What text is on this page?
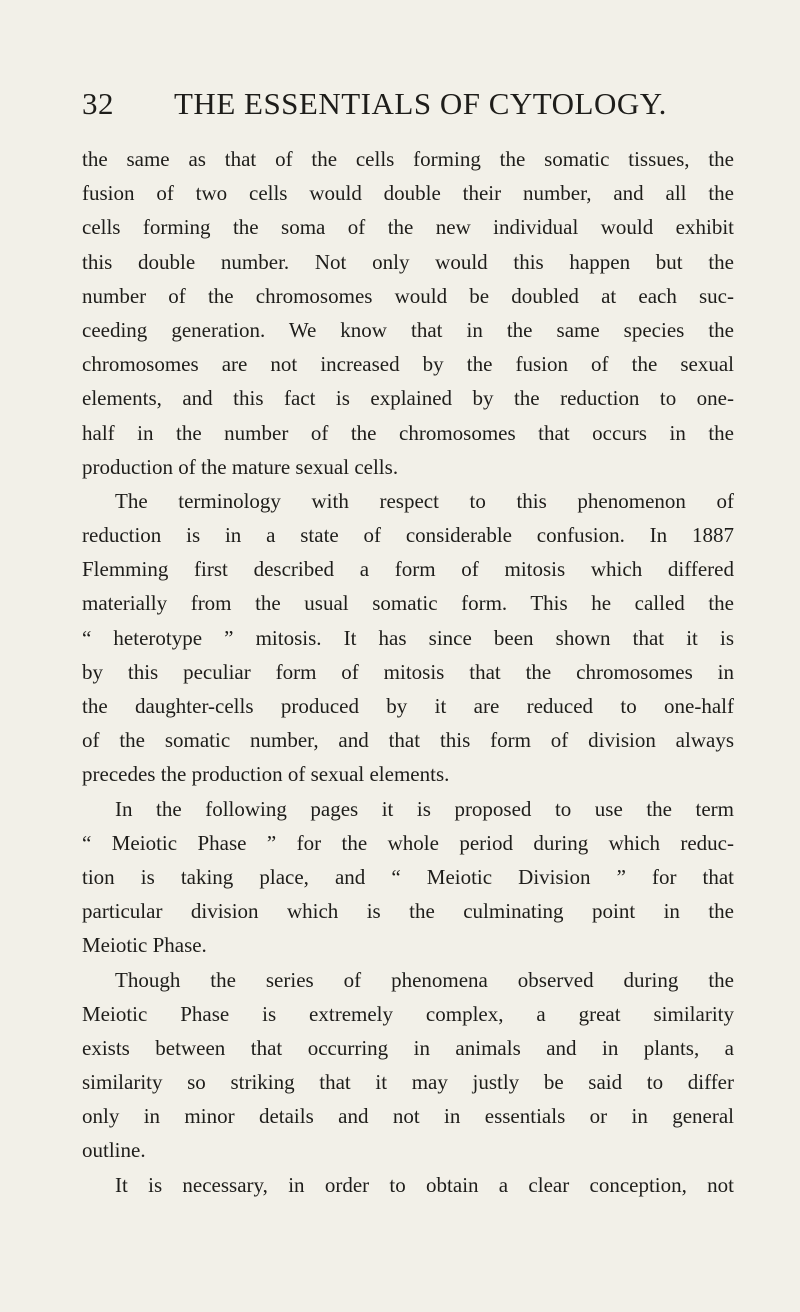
32 THE ESSENTIALS OF CYTOLOGY.
the same as that of the cells forming the somatic tissues, the
fusion of two cells would double their number, and all the
cells forming the soma of the new individual would exhibit
this double number. Not only would this happen but the
number of the chromosomes would be doubled at each suc-
ceeding generation. We know that in the same species the
chromosomes are not increased by the fusion of the sexual
elements, and this fact is explained by the reduction to one-
half in the number of the chromosomes that occurs in the
production of the mature sexual cells.
The terminology with respect to this phenomenon of
reduction is in a state of considerable confusion. In 1887
Flemming first described a form of mitosis which differed
materially from the usual somatic form. This he called the
“ heterotype ” mitosis. It has since been shown that it is
by this peculiar form of mitosis that the chromosomes in
the daughter-cells produced by it are reduced to one-half
of the somatic number, and that this form of division always
precedes the production of sexual elements.
In the following pages it is proposed to use the term
“ Meiotic Phase ” for the whole period during which reduc-
tion is taking place, and “ Meiotic Division ” for that
particular division which is the culminating point in the
Meiotic Phase.
Though the series of phenomena observed during the
Meiotic Phase is extremely complex, a great similarity
exists between that occurring in animals and in plants, a
similarity so striking that it may justly be said to differ
only in minor details and not in essentials or in general
outline.
It is necessary, in order to obtain a clear conception, not
